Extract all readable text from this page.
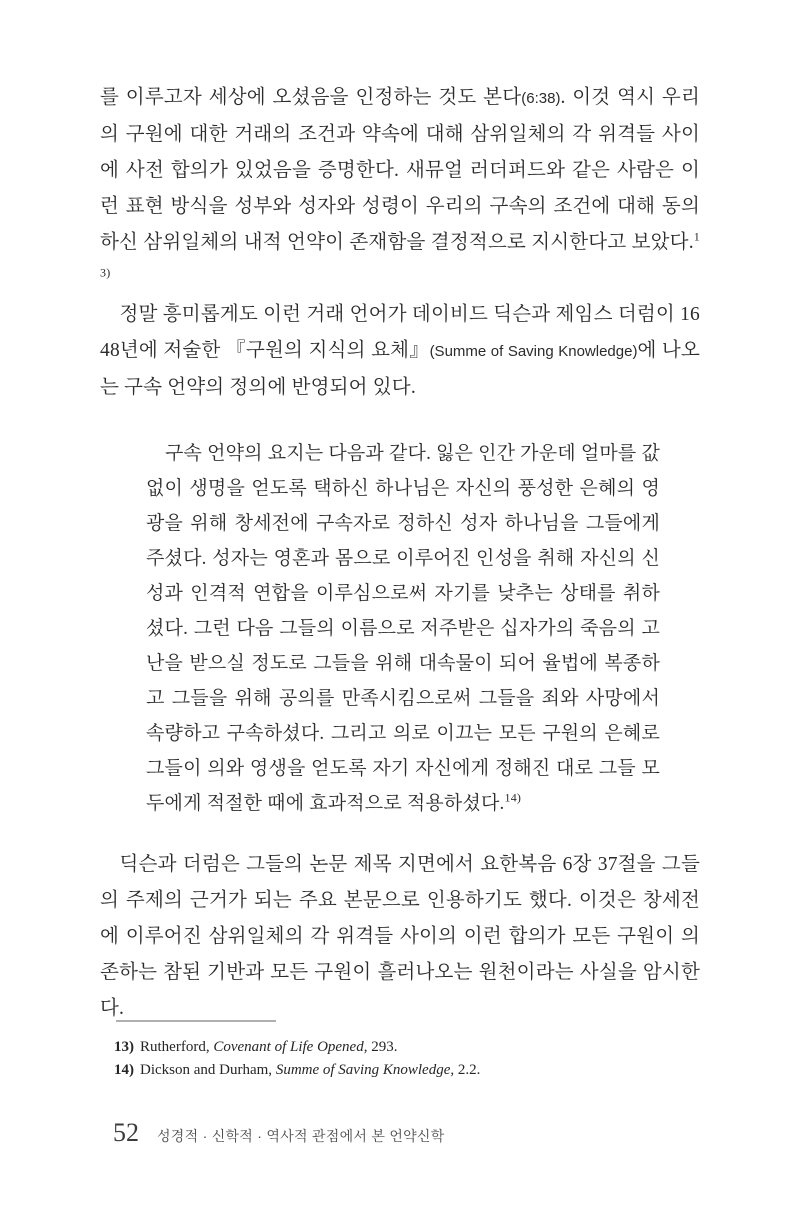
를 이루고자 세상에 오셨음을 인정하는 것도 본다(6:38). 이것 역시 우리의 구원에 대한 거래의 조건과 약속에 대해 삼위일체의 각 위격들 사이에 사전 합의가 있었음을 증명한다. 새뮤얼 러더퍼드와 같은 사람은 이런 표현 방식을 성부와 성자와 성령이 우리의 구속의 조건에 대해 동의하신 삼위일체의 내적 언약이 존재함을 결정적으로 지시한다고 보았다.$^{13)}$

정말 흥미롭게도 이런 거래 언어가 데이비드 딕슨과 제임스 더럼이 1648년에 저술한 『구원의 지식의 요체』(Summe of Saving Knowledge)에 나오는 구속 언약의 정의에 반영되어 있다.

구속 언약의 요지는 다음과 같다. 잃은 인간 가운데 얼마를 값없이 생명을 얻도록 택하신 하나님은 자신의 풍성한 은혜의 영광을 위해 창세전에 구속자로 정하신 성자 하나님을 그들에게 주셨다. 성자는 영혼과 몸으로 이루어진 인성을 취해 자신의 신성과 인격적 연합을 이루심으로써 자기를 낮추는 상태를 취하셨다. 그런 다음 그들의 이름으로 저주받은 십자가의 죽음의 고난을 받으실 정도로 그들을 위해 대속물이 되어 율법에 복종하고 그들을 위해 공의를 만족시킴으로써 그들을 죄와 사망에서 속량하고 구속하셨다. 그리고 의로 이끄는 모든 구원의 은혜로 그들이 의와 영생을 얻도록 자기 자신에게 정해진 대로 그들 모두에게 적절한 때에 효과적으로 적용하셨다.$^{14)}$

딕슨과 더럼은 그들의 논문 제목 지면에서 요한복음 6장 37절을 그들의 주제의 근거가 되는 주요 본문으로 인용하기도 했다. 이것은 창세전에 이루어진 삼위일체의 각 위격들 사이의 이런 합의가 모든 구원이 의존하는 참된 기반과 모든 구원이 흘러나오는 원천이라는 사실을 암시한다.

13) Rutherford, Covenant of Life Opened, 293.
14) Dickson and Durham, Summe of Saving Knowledge, 2.2.
52 성경적 · 신학적 · 역사적 관점에서 본 언약신학
